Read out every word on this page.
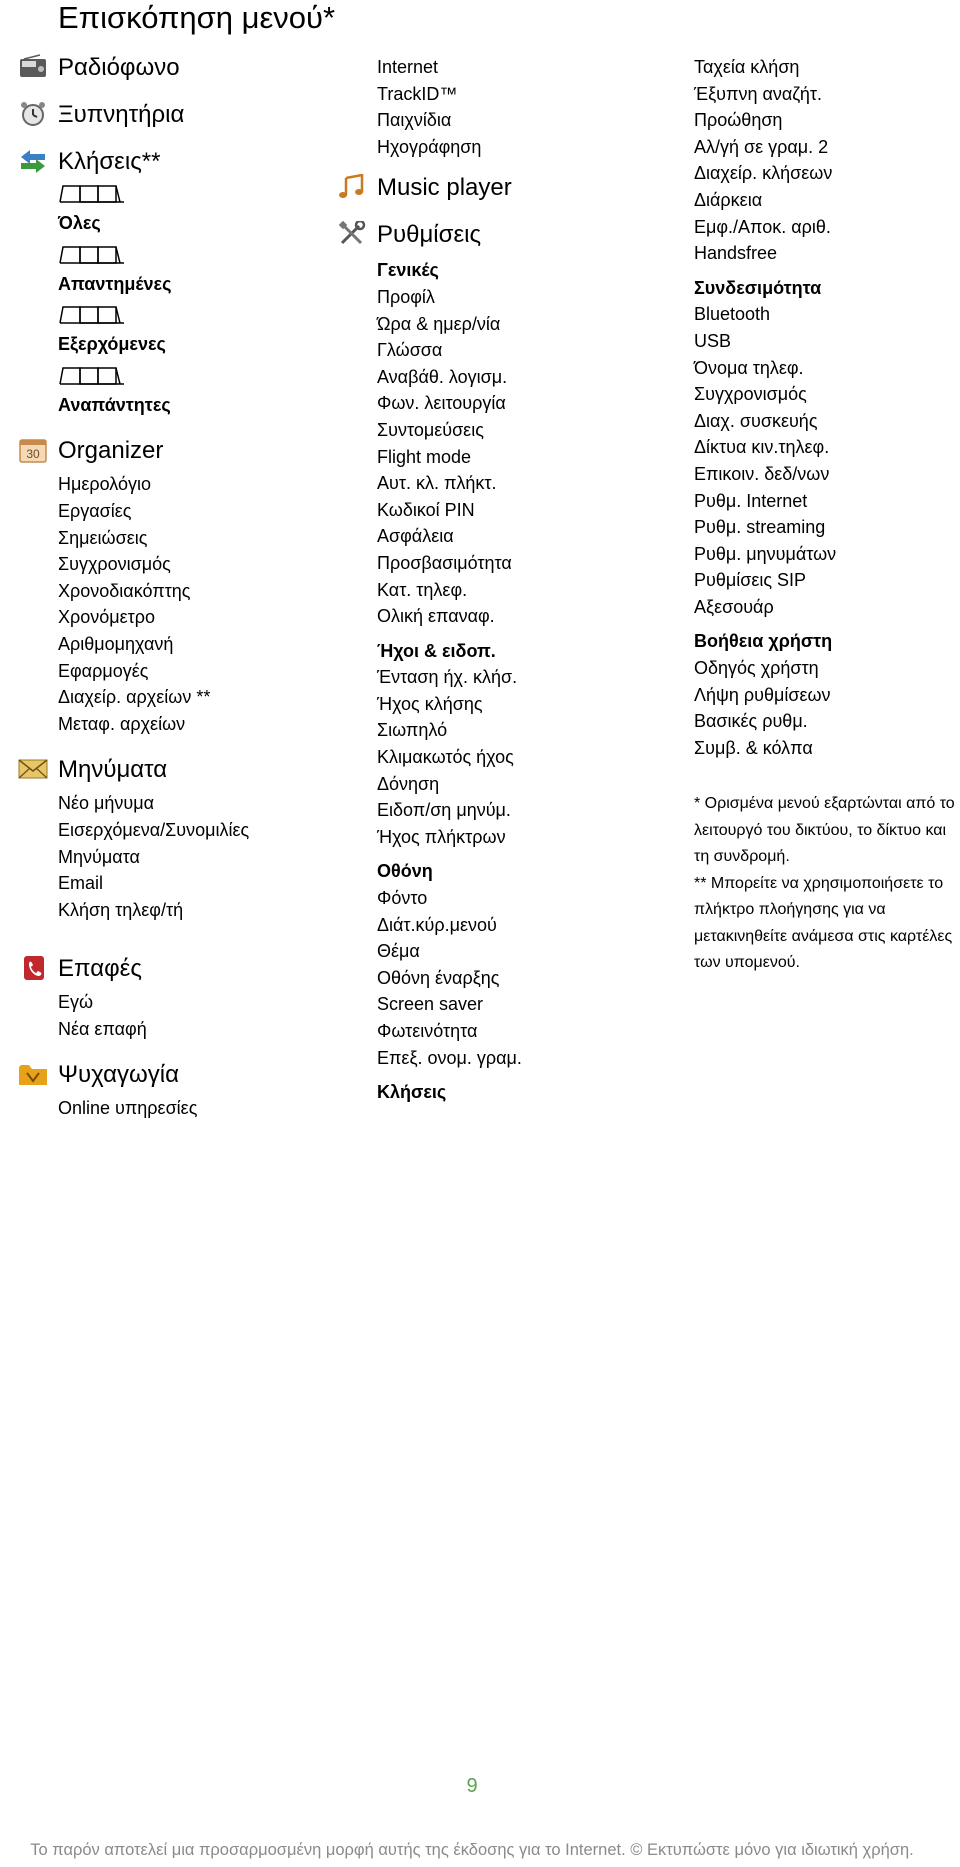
Επισκόπηση μενού*
Ραδιόφωνο
Ξυπνητήρια
Κλήσεις**
Όλες
Απαντημένες
Εξερχόμενες
Αναπάντητες
30 Organizer
Ημερολόγιο
Εργασίες
Σημειώσεις
Συγχρονισμός
Χρονοδιακόπτης
Χρονόμετρο
Αριθμομηχανή
Εφαρμογές
Διαχείρ. αρχείων **
Μεταφ. αρχείων
Μηνύματα
Νέο μήνυμα
Εισερχόμενα/Συνομιλίες
Μηνύματα
Email
Κλήση τηλεφ/τή
Επαφές
Εγώ
Νέα επαφή
Ψυχαγωγία
Online υπηρεσίες
Internet
TrackID™
Παιχνίδια
Ηχογράφηση
Music player
Ρυθμίσεις
Γενικές
Προφίλ
Ώρα & ημερ/νία
Γλώσσα
Αναβάθ. λογισμ.
Φων. λειτουργία
Συντομεύσεις
Flight mode
Αυτ. κλ. πλήκτ.
Κωδικοί PIN
Ασφάλεια
Προσβασιμότητα
Κατ. τηλεφ.
Ολική επαναφ.
Ήχοι & ειδοπ.
Ένταση ήχ. κλήσ.
Ήχος κλήσης
Σιωπηλό
Κλιμακωτός ήχος
Δόνηση
Ειδοπ/ση μηνύμ.
Ήχος πλήκτρων
Οθόνη
Φόντο
Διάτ.κύρ.μενού
Θέμα
Οθόνη έναρξης
Screen saver
Φωτεινότητα
Επεξ. ονομ. γραμ.
Κλήσεις
Ταχεία κλήση
Έξυπνη αναζήτ.
Προώθηση
Αλ/γή σε γραμ. 2
Διαχείρ. κλήσεων
Διάρκεια
Εμφ./Αποκ. αριθ.
Handsfree
Συνδεσιμότητα
Bluetooth
USB
Όνομα τηλεφ.
Συγχρονισμός
Διαχ. συσκευής
Δίκτυα κιν.τηλεφ.
Επικοιν. δεδ/νων
Ρυθμ. Internet
Ρυθμ. streaming
Ρυθμ. μηνυμάτων
Ρυθμίσεις SIP
Αξεσουάρ
Βοήθεια χρήστη
Οδηγός χρήστη
Λήψη ρυθμίσεων
Βασικές ρυθμ.
Συμβ. & κόλπα
* Ορισμένα μενού εξαρτώνται από το λειτουργό του δικτύου, το δίκτυο και τη συνδρομή.
** Μπορείτε να χρησιμοποιήσετε το πλήκτρο πλοήγησης για να μετακινηθείτε ανάμεσα στις καρτέλες των υπομενού.
9
Το παρόν αποτελεί μια προσαρμοσμένη μορφή αυτής της έκδοσης για το Internet. © Εκτυπώστε μόνο για ιδιωτική χρήση.
